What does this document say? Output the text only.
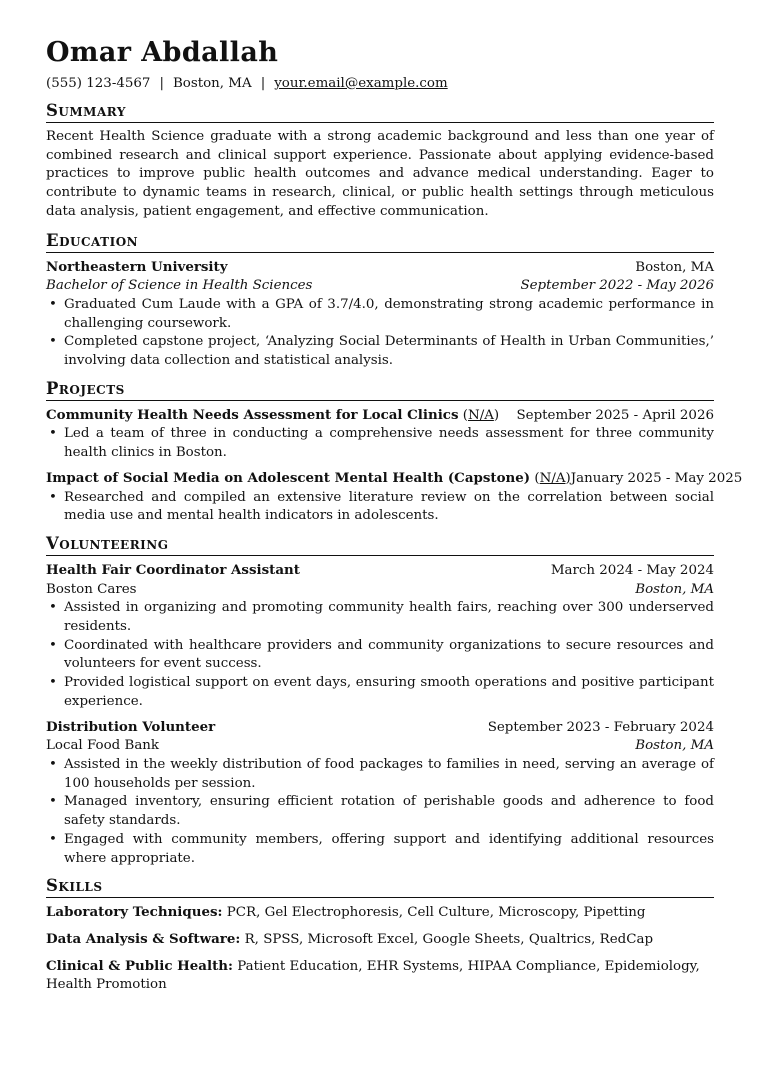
Omar Abdallah
(555) 123-4567 | Boston, MA | your.email@example.com
Summary
Recent Health Science graduate with a strong academic background and less than one year of combined research and clinical support experience. Passionate about applying evidence-based practices to improve public health outcomes and advance medical understanding. Eager to contribute to dynamic teams in research, clinical, or public health settings through meticulous data analysis, patient engagement, and effective communication.
Education
Northeastern University	Boston, MA
Bachelor of Science in Health Sciences	September 2022 - May 2026
• Graduated Cum Laude with a GPA of 3.7/4.0, demonstrating strong academic performance in challenging coursework.
• Completed capstone project, ‘Analyzing Social Determinants of Health in Urban Communities,’ involving data collection and statistical analysis.
Projects
Community Health Needs Assessment for Local Clinics (N/A) September 2025 - April 2026
• Led a team of three in conducting a comprehensive needs assessment for three community health clinics in Boston.
Impact of Social Media on Adolescent Mental Health (Capstone) (N/A) January 2025 - May 2025
• Researched and compiled an extensive literature review on the correlation between social media use and mental health indicators in adolescents.
Volunteering
Health Fair Coordinator Assistant	March 2024 - May 2024
Boston Cares	Boston, MA
• Assisted in organizing and promoting community health fairs, reaching over 300 underserved residents.
• Coordinated with healthcare providers and community organizations to secure resources and volunteers for event success.
• Provided logistical support on event days, ensuring smooth operations and positive participant experience.
Distribution Volunteer	September 2023 - February 2024
Local Food Bank	Boston, MA
• Assisted in the weekly distribution of food packages to families in need, serving an average of 100 households per session.
• Managed inventory, ensuring efficient rotation of perishable goods and adherence to food safety standards.
• Engaged with community members, offering support and identifying additional resources where appropriate.
Skills
Laboratory Techniques: PCR, Gel Electrophoresis, Cell Culture, Microscopy, Pipetting
Data Analysis & Software: R, SPSS, Microsoft Excel, Google Sheets, Qualtrics, RedCap
Clinical & Public Health: Patient Education, EHR Systems, HIPAA Compliance, Epidemiology, Health Promotion
